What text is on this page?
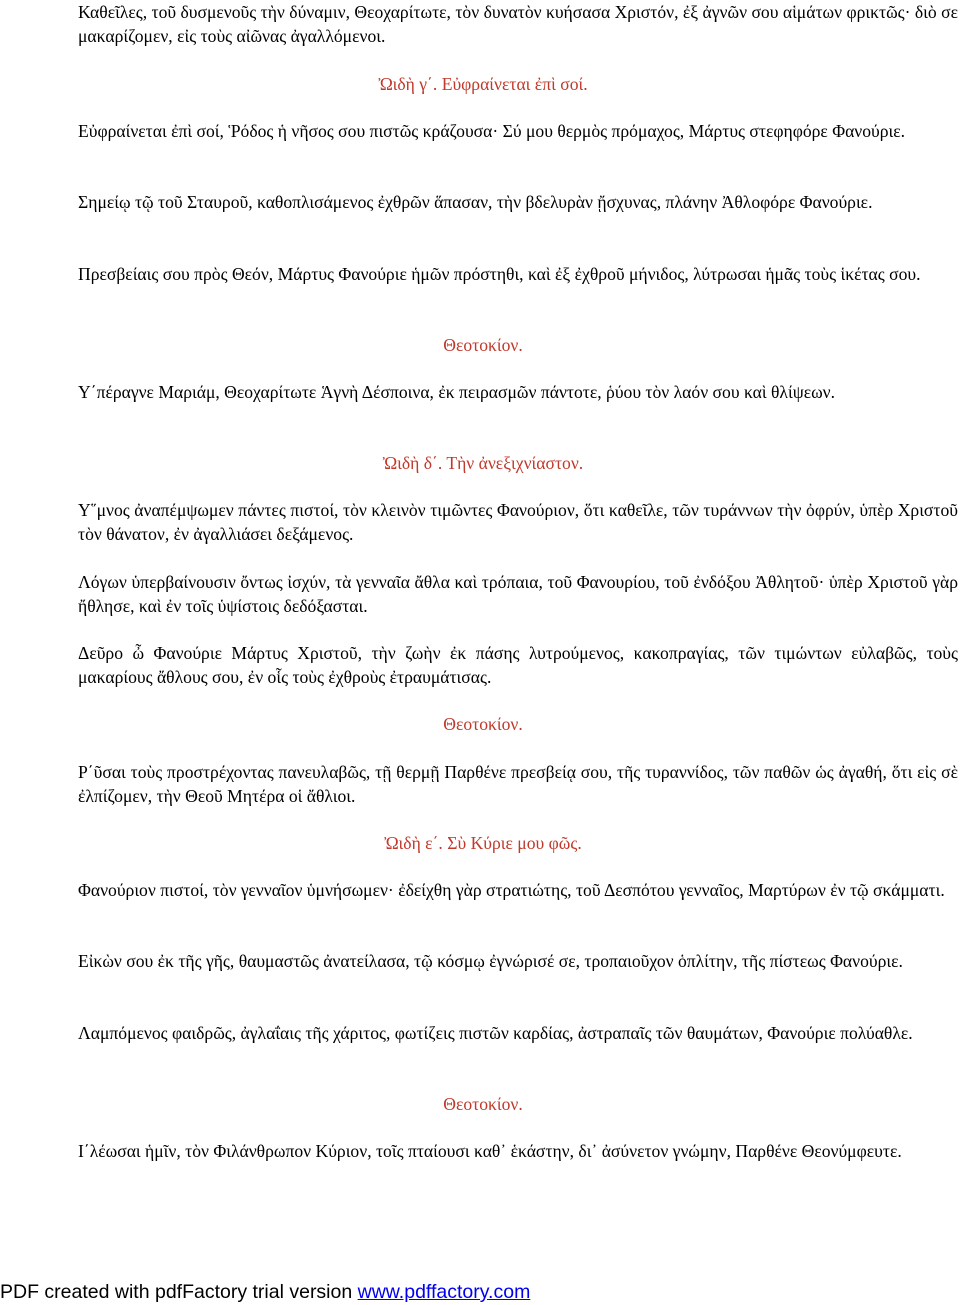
Καθεῖλες, τοῦ δυσμενοῦς τὴν δύναμιν, Θεοχαρίτωτε, τὸν δυνατὸν κυήσασα Χριστόν, ἐξ ἀγνῶν σου αἱμάτων φρικτῶς· διὸ σε μακαρίζομεν, εἰς τοὺς αἰῶνας ἀγαλλόμενοι.

Ὠιδὴ γ΄. Εὐφραίνεται ἐπὶ σοί.

Εὐφραίνεται ἐπὶ σοί, Ῥόδος ἡ νῆσος σου πιστῶς κράζουσα· Σύ μου θερμὸς πρόμαχος, Μάρτυς στεφηφόρε Φανούριε.

Σημείῳ τῷ τοῦ Σταυροῦ, καθοπλισάμενος ἐχθρῶν ἅπασαν, τὴν βδελυρὰν ᾔσχυνας, πλάνην Ἀθλοφόρε Φανούριε.

Πρεσβείαις σου πρὸς Θεόν, Μάρτυς Φανούριε ἡμῶν πρόστηθι, καὶ ἐξ ἐχθροῦ μήνιδος, λύτρωσαι ἡμᾶς τοὺς ἱκέτας σου.

Θεοτοκίον.

Υ΄πέραγνε Μαριάμ, Θεοχαρίτωτε Ἁγνὴ Δέσποινα, ἐκ πειρασμῶν πάντοτε, ῥύου τὸν λαόν σου καὶ θλίψεων.

Ὠιδὴ δ΄. Τὴν ἀνεξιχνίαστον.

Υ῞μνος ἀναπέμψωμεν πάντες πιστοί, τὸν κλεινὸν τιμῶντες Φανούριον, ὅτι καθεῖλε, τῶν τυράννων τὴν ὀφρύν, ὑπὲρ Χριστοῦ τὸν θάνατον, ἐν ἀγαλλιάσει δεξάμενος.

Λόγων ὑπερβαίνουσιν ὄντως ἰσχύν, τὰ γενναῖα ἄθλα καὶ τρόπαια, τοῦ Φανουρίου, τοῦ ἐνδόξου Ἀθλητοῦ· ὑπὲρ Χριστοῦ γὰρ ἤθλησε, καὶ ἐν τοῖς ὑψίστοις δεδόξασται.

Δεῦρο ὦ Φανούριε Μάρτυς Χριστοῦ, τὴν ζωὴν ἐκ πάσης λυτρούμενος, κακοπραγίας, τῶν τιμώντων εὐλαβῶς, τοὺς μακαρίους ἄθλους σου, ἐν οἷς τοὺς ἐχθροὺς ἐτραυμάτισας.

Θεοτοκίον.

Ρ΄ῦσαι τοὺς προστρέχοντας πανευλαβῶς, τῇ θερμῇ Παρθένε πρεσβείᾳ σου, τῆς τυραννίδος, τῶν παθῶν ὡς ἀγαθή, ὅτι εἰς σὲ ἐλπίζομεν, τὴν Θεοῦ Μητέρα οἱ ἄθλιοι.

Ὠιδὴ ε΄. Σὺ Κύριε μου φῶς.

Φανούριον πιστοί, τὸν γενναῖον ὑμνήσωμεν· ἐδείχθη γὰρ στρατιώτης, τοῦ Δεσπότου γενναῖος, Μαρτύρων ἐν τῷ σκάμματι.

Εἰκὼν σου ἐκ τῆς γῆς, θαυμαστῶς ἀνατείλασα, τῷ κόσμῳ ἐγνώρισέ σε, τροπαιοῦχον ὁπλίτην, τῆς πίστεως Φανούριε.

Λαμπόμενος φαιδρῶς, ἀγλαΐαις τῆς χάριτος, φωτίζεις πιστῶν καρδίας, ἀστραπαῖς τῶν θαυμάτων, Φανούριε πολύαθλε.

Θεοτοκίον.

Ι΄λέωσαι ἡμῖν, τὸν Φιλάνθρωπον Κύριον, τοῖς πταίουσι καθ᾽ ἑκάστην, δι᾽ ἀσύνετον γνώμην, Παρθένε Θεονύμφευτε.

PDF created with pdfFactory trial version www.pdffactory.com
